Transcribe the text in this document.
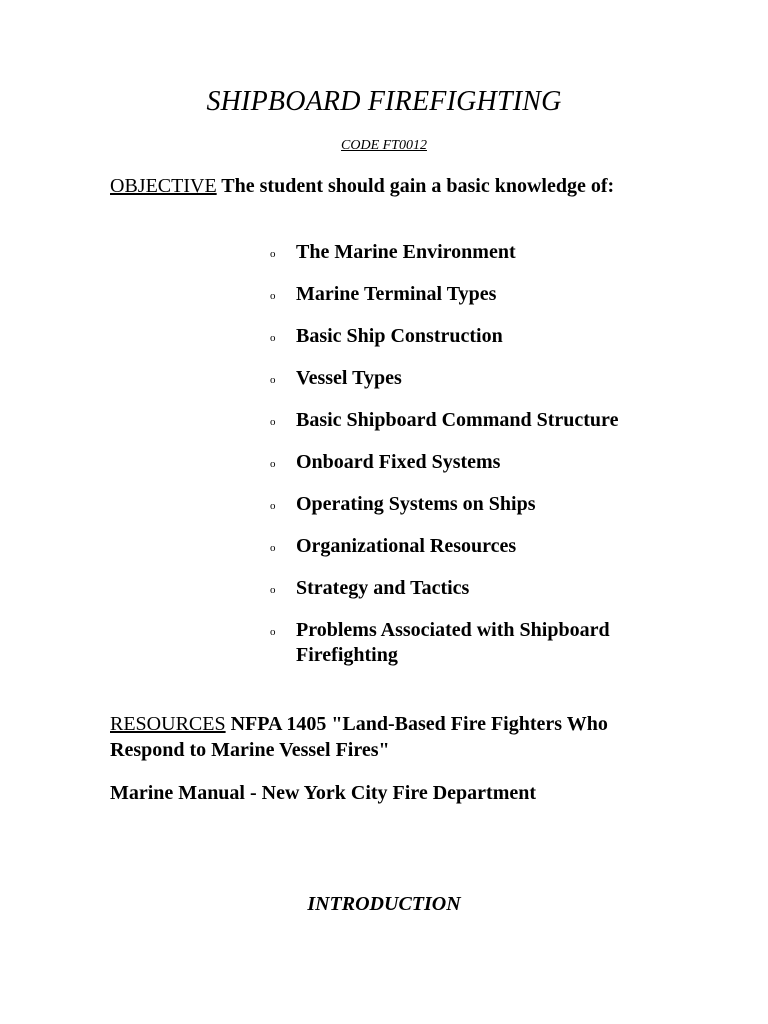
SHIPBOARD FIREFIGHTING
CODE FT0012
OBJECTIVE The student should gain a basic knowledge of:
o The Marine Environment
o Marine Terminal Types
o Basic Ship Construction
o Vessel Types
o Basic Shipboard Command Structure
o Onboard Fixed Systems
o Operating Systems on Ships
o Organizational Resources
o Strategy and Tactics
o Problems Associated with Shipboard Firefighting
RESOURCES NFPA 1405 "Land-Based Fire Fighters Who Respond to Marine Vessel Fires"
Marine Manual - New York City Fire Department
INTRODUCTION
